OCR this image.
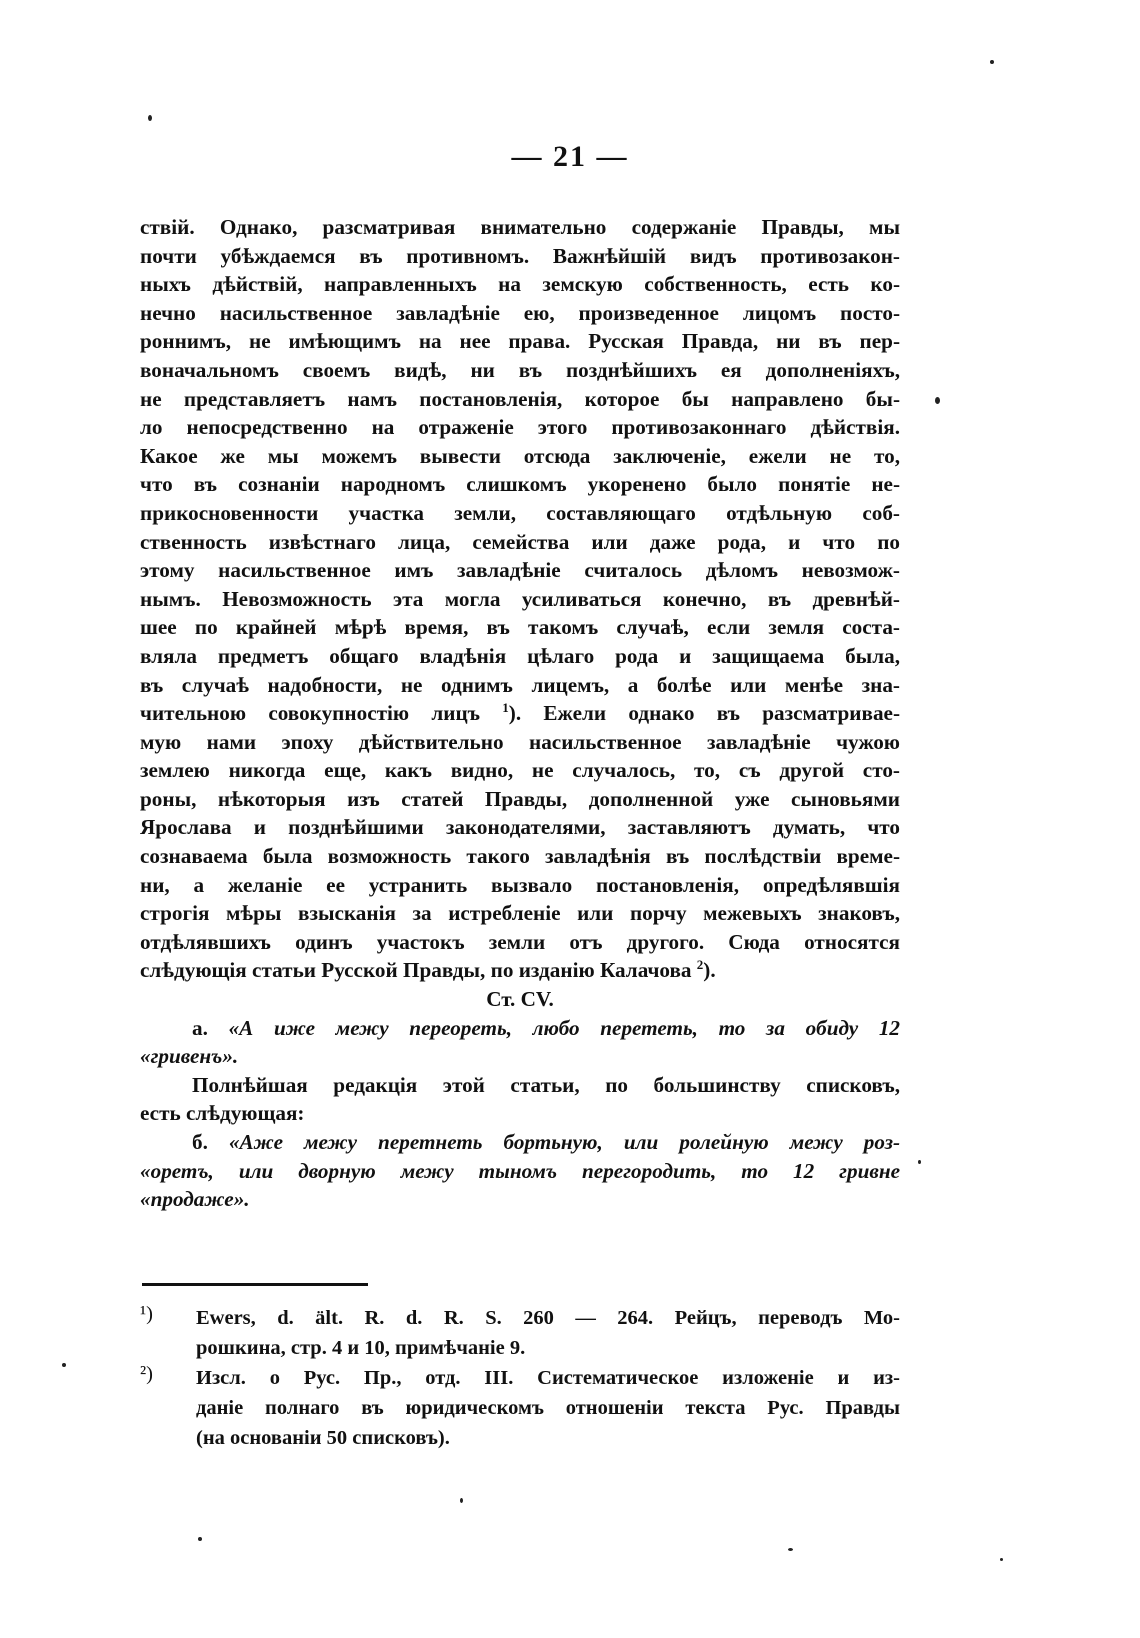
— 21 —
ствій. Однако, разсматривая внимательно содержаніе Правды, мы
почти убѣждаемся въ противномъ. Важнѣйшій видъ противозакон-
ныхъ дѣйствій, направленныхъ на земскую собственность, есть ко-
нечно насильственное завладѣніе ею, произведенное лицомъ посто-
роннимъ, не имѣющимъ на нее права. Русская Правда, ни въ пер-
воначальномъ своемъ видѣ, ни въ позднѣйшихъ ея дополненіяхъ,
не представляетъ намъ постановленія, которое бы направлено бы-
ло непосредственно на отраженіе этого противозаконнаго дѣйствія.
Какое же мы можемъ вывести отсюда заключеніе, ежели не то,
что въ сознаніи народномъ слишкомъ укоренено было понятіе не-
прикосновенности участка земли, составляющаго отдѣльную соб-
ственность извѣстнаго лица, семейства или даже рода, и что по
этому насильственное имъ завладѣніе считалось дѣломъ невозмож-
нымъ. Невозможность эта могла усиливаться конечно, въ древнѣй-
шее по крайней мѣрѣ время, въ такомъ случаѣ, если земля соста-
вляла предметъ общаго владѣнія цѣлаго рода и защищаема была,
въ случаѣ надобности, не однимъ лицемъ, а болѣе или менѣе зна-
чительною совокупностію лицъ $^1$). Ежели однако въ разсматривае-
мую нами эпоху дѣйствительно насильственное завладѣніе чужою
землею никогда еще, какъ видно, не случалось, то, съ другой сто-
роны, нѣкоторыя изъ статей Правды, дополненной уже сыновьями
Ярослава и позднѣйшими законодателями, заставляютъ думать, что
сознаваема была возможность такого завладѣнія въ послѣдствіи време-
ни, а желаніе ее устранить вызвало постановленія, опредѣлявшія
строгія мѣры взысканія за истребленіе или порчу межевыхъ знаковъ,
отдѣлявшихъ одинъ участокъ земли отъ другого. Сюда относятся
слѣдующія статьи Русской Правды, по изданію Калачова $^2$).
Ст. CV.
а. «А иже межу переореть, любо перететь, то за обиду 12
«гривенъ».
Полнѣйшая редакція этой статьи, по большинству списковъ,
есть слѣдующая:
б. «Аже межу перетнеть бортьную, или ролейную межу роз-
«оретъ, или дворную межу тыномъ перегородить, то 12 гривне
«продаже».
¹)	Ewers, d. ält. R. d. R. S. 260 — 264. Рейцъ, переводъ Мо-
рошкина, стр. 4 и 10, примѣчаніе 9.
²)	Изсл. о Рус. Пр., отд. III. Систематическое изложеніе и из-
даніе полнаго въ юридическомъ отношеніи текста Рус. Правды
(на основаніи 50 списковъ).
